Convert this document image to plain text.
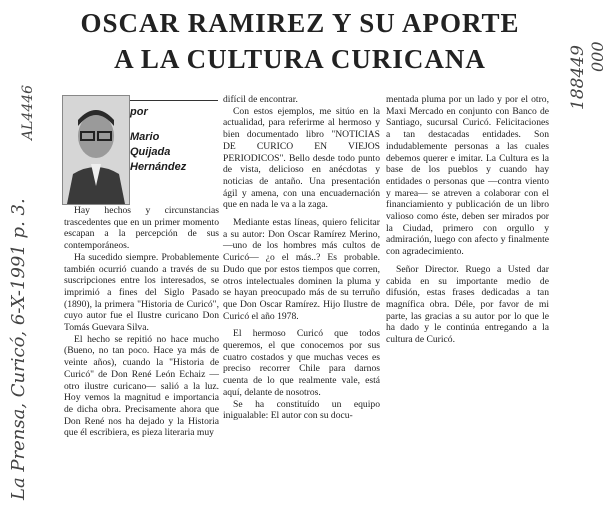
OSCAR RAMIREZ Y SU APORTE
A LA CULTURA CURICANA
por
Mario
Quijada
Hernández

Hay hechos y circunstancias trascedentes que en un primer momento escapan a la percepción de sus contemporáneos.

Ha sucedido siempre. Probablemente también ocurrió cuando a través de su suscripciones entre los interesados, se imprimió a fines del Siglo Pasado (1890), la primera "Historia de Curicó", cuyo autor fue el Ilustre curicano Don Tomás Guevara Silva.

El hecho se repitió no hace mucho (Bueno, no tan poco. Hace ya más de veinte años), cuando la "Historia de Curicó" de Don René León Echaiz —otro ilustre curicano— salió a la luz. Hoy vemos la magnitud e importancia de dicha obra. Precisamente ahora que Don René nos ha dejado y la Historia que él escribiera, es pieza literaria muy

difícil de encontrar.

Con estos ejemplos, me sitúo en la actualidad, para referirme al hermoso y bien documentado libro "NOTICIAS DE CURICO EN VIEJOS PERIODICOS". Bello desde todo punto de vista, delicioso en anécdotas y noticias de antaño. Una presentación ágil y amena, con una encuadernación que en nada le va a la zaga.

Mediante estas líneas, quiero felicitar a su autor: Don Oscar Ramírez Merino, —uno de los hombres más cultos de Curicó— ¿o el más..? Es probable. Dudo que por estos tiempos que corren, otros intelectuales dominen la pluma y se hayan preocupado más de su terruño que Don Oscar Ramírez. Hijo Ilustre de Curicó el año 1978.

El hermoso Curicó que todos queremos, el que conocemos por sus cuatro costados y que muchas veces es preciso recorrer Chile para darnos cuenta de lo que realmente vale, está aquí, delante de nosotros.

Se ha constituído un equipo inigualable: El autor con su docu-

mentada pluma por un lado y por el otro, Maxi Mercado en conjunto con Banco de Santiago, sucursal Curicó. Felicitaciones a tan destacadas entidades. Son indudablemente personas a las cuales debemos querer e imitar. La Cultura es la base de los pueblos y cuando hay entidades o personas que —contra viento y marea— se atreven a colaborar con el financiamiento y publicación de un libro valioso como éste, deben ser mirados por la Ciudad, primero con orgullo y admiración, luego con afecto y finalmente con agradecimiento.

Señor Director. Ruego a Usted dar cabida en su importante medio de difusión, estas frases dedicadas a tan magnífica obra. Déle, por favor de mi parte, las gracias a su autor por lo que le ha dado y le continúa entregando a la cultura de Curicó.

La Prensa, Curicó, 6-X-1991 p. 3.
AL4446
188449 000
